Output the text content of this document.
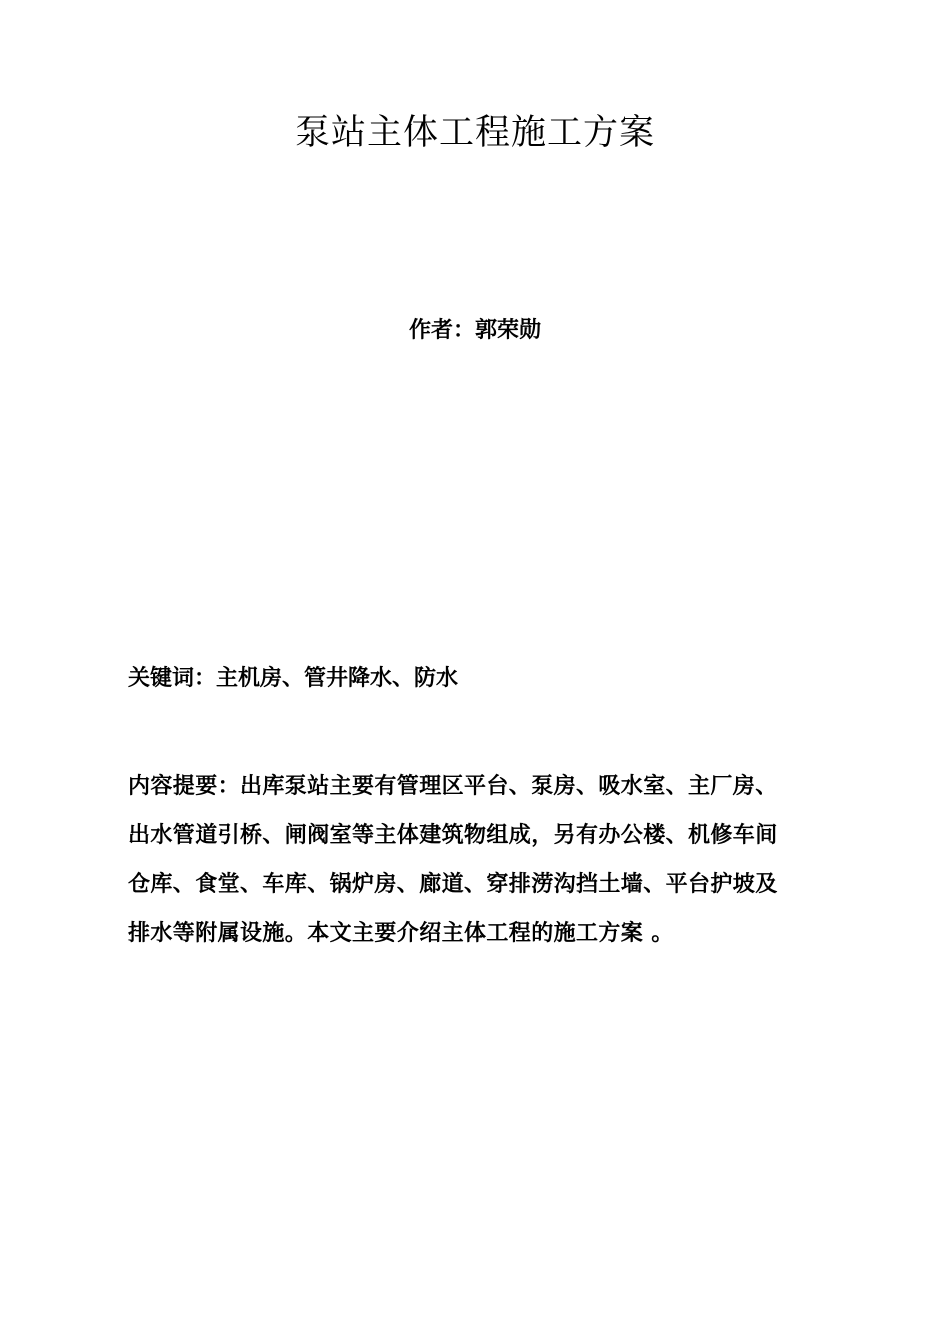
泵站主体工程施工方案
作者：郭荣勋
关键词：主机房、管井降水、防水
内容提要：出库泵站主要有管理区平台、泵房、吸水室、主厂房、
出水管道引桥、闸阀室等主体建筑物组成，另有办公楼、机修车间
仓库、食堂、车库、锅炉房、廊道、穿排涝沟挡土墙、平台护坡及
排水等附属设施。本文主要介绍主体工程的施工方案 。
